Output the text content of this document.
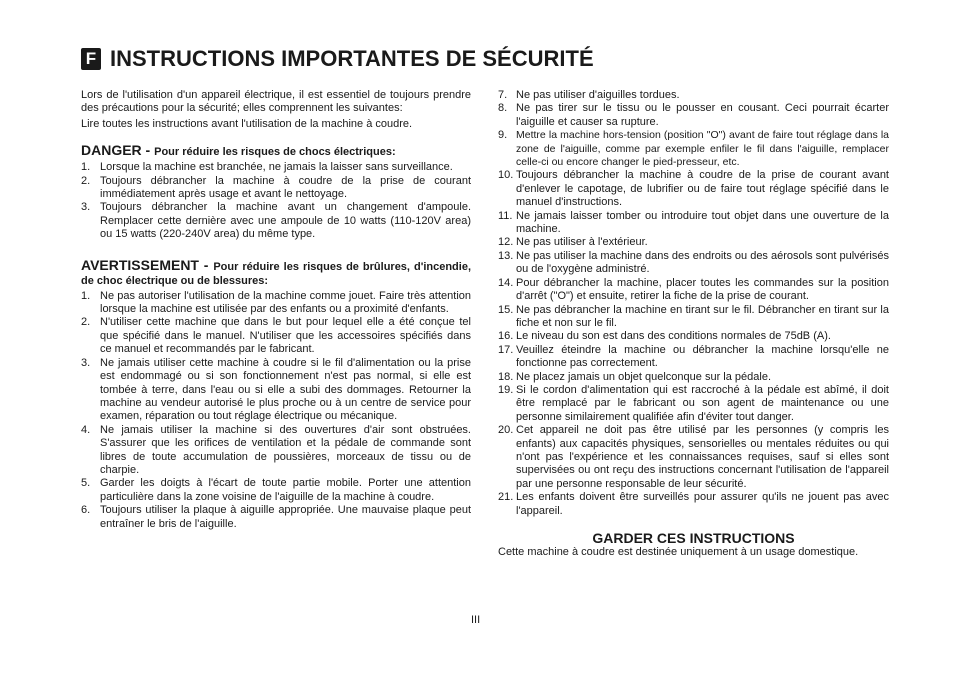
F INSTRUCTIONS IMPORTANTES DE SÉCURITÉ

Lors de l'utilisation d'un appareil électrique, il est essentiel de toujours prendre des précautions pour la sécurité; elles comprennent les suivantes:

Lire toutes les instructions avant l'utilisation de la machine à coudre.

DANGER - Pour réduire les risques de chocs électriques:
1. Lorsque la machine est branchée, ne jamais la laisser sans surveillance.
2. Toujours débrancher la machine à coudre de la prise de courant immédiatement après usage et avant le nettoyage.
3. Toujours débrancher la machine avant un changement d'ampoule. Remplacer cette dernière avec une ampoule de 10 watts (110-120V area) ou 15 watts (220-240V area) du même type.
AVERTISSEMENT - Pour réduire les risques de brûlures, d'incendie, de choc électrique ou de blessures:
1. Ne pas autoriser l'utilisation de la machine comme jouet. Faire très attention lorsque la machine est utilisée par des enfants ou a proximité d'enfants.
2. N'utiliser cette machine que dans le but pour lequel elle a été conçue tel que spécifié dans le manuel. N'utiliser que les accessoires spécifiés dans ce manuel et recommandés par le fabricant.
3. Ne jamais utiliser cette machine à coudre si le fil d'alimentation ou la prise est endommagé ou si son fonctionnement n'est pas normal, si elle est tombée à terre, dans l'eau ou si elle a subi des dommages. Retourner la machine au vendeur autorisé le plus proche ou à un centre de service pour examen, réparation ou tout réglage électrique ou mécanique.
4. Ne jamais utiliser la machine si des ouvertures d'air sont obstruées. S'assurer que les orifices de ventilation et la pédale de commande sont libres de toute accumulation de poussières, morceaux de tissu ou de charpie.
5. Garder les doigts à l'écart de toute partie mobile. Porter une attention particulière dans la zone voisine de l'aiguille de la machine à coudre.
6. Toujours utiliser la plaque à aiguille appropriée. Une mauvaise plaque peut entraîner le bris de l'aiguille.
7. Ne pas utiliser d'aiguilles tordues.
8. Ne pas tirer sur le tissu ou le pousser en cousant. Ceci pourrait écarter l'aiguille et causer sa rupture.
9. Mettre la machine hors-tension (position "O") avant de faire tout réglage dans la zone de l'aiguille, comme par exemple enfiler le fil dans l'aiguille, remplacer celle-ci ou encore changer le pied-presseur, etc.
10. Toujours débrancher la machine à coudre de la prise de courant avant d'enlever le capotage, de lubrifier ou de faire tout réglage spécifié dans le manuel d'instructions.
11. Ne jamais laisser tomber ou introduire tout objet dans une ouverture de la machine.
12. Ne pas utiliser à l'extérieur.
13. Ne pas utiliser la machine dans des endroits ou des aérosols sont pulvérisés ou de l'oxygène administré.
14. Pour débrancher la machine, placer toutes les commandes sur la position d'arrêt ("O") et ensuite, retirer la fiche de la prise de courant.
15. Ne pas débrancher la machine en tirant sur le fil. Débrancher en tirant sur la fiche et non sur le fil.
16. Le niveau du son est dans des conditions normales de 75dB (A).
17. Veuillez éteindre la machine ou débrancher la machine lorsqu'elle ne fonctionne pas correctement.
18. Ne placez jamais un objet quelconque sur la pédale.
19. Si le cordon d'alimentation qui est raccroché à la pédale est abîmé, il doit être remplacé par le fabricant ou son agent de maintenance ou une personne similairement qualifiée afin d'éviter tout danger.
20. Cet appareil ne doit pas être utilisé par les personnes (y compris les enfants) aux capacités physiques, sensorielles ou mentales réduites ou qui n'ont pas l'expérience et les connaissances requises, sauf si elles sont supervisées ou ont reçu des instructions concernant l'utilisation de l'appareil par une personne responsable de leur sécurité.
21. Les enfants doivent être surveillés pour assurer qu'ils ne jouent pas avec l'appareil.
GARDER CES INSTRUCTIONS

Cette machine à coudre est destinée uniquement à un usage domestique.

III
